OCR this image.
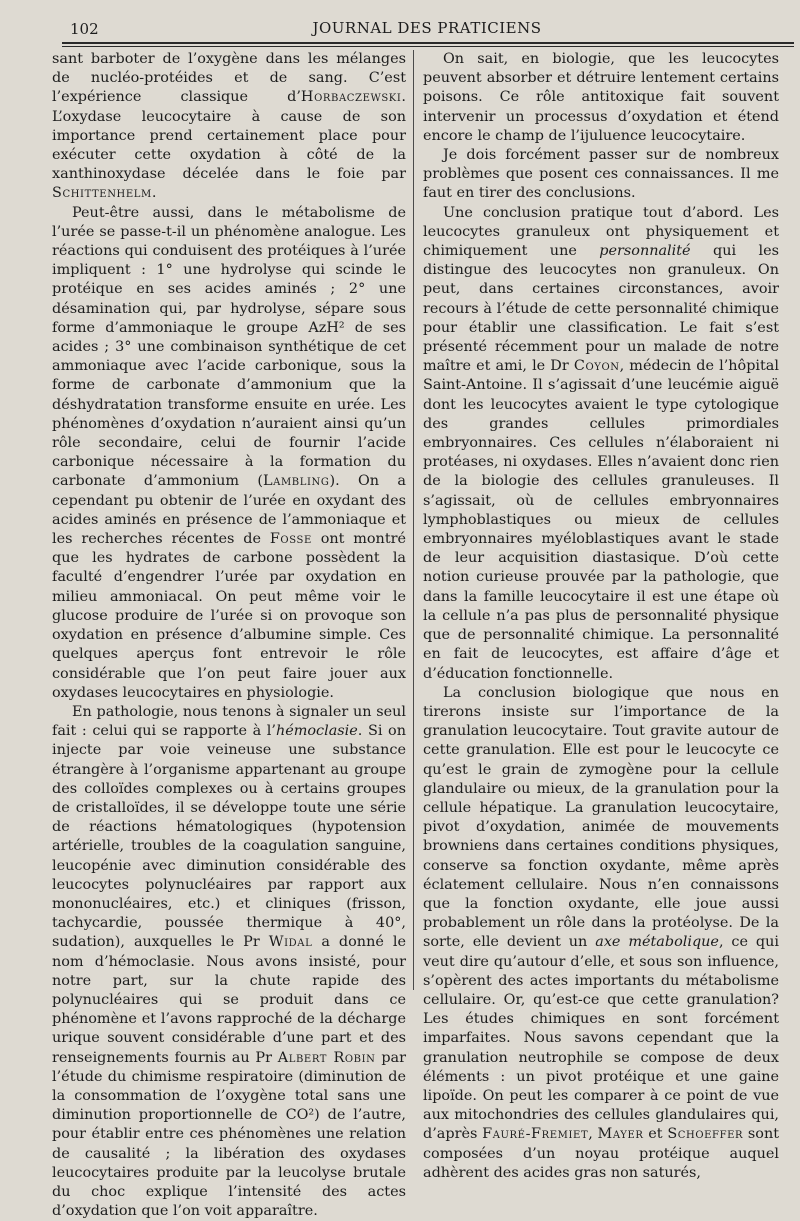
102	JOURNAL DES PRATICIENS

sant barboter de l’oxygène dans les mélanges de nucléo-protéides et de sang. C’est l’expérience classique d’Horbaczewski. L’oxydase leucocytaire à cause de son importance prend certainement place pour exécuter cette oxydation à côté de la xanthinoxydase décelée dans le foie par Schittenhelm.

Peut-être aussi, dans le métabolisme de l’urée se passe-t-il un phénomène analogue. Les réactions qui conduisent des protéiques à l’urée impliquent : 1° une hydrolyse qui scinde le protéique en ses acides aminés ; 2° une désamination qui, par hydrolyse, sépare sous forme d’ammoniaque le groupe AzH² de ses acides ; 3° une combinaison synthétique de cet ammoniaque avec l’acide carbonique, sous la forme de carbonate d’ammonium que la déshydratation transforme ensuite en urée. Les phénomènes d’oxydation n’auraient ainsi qu’un rôle secondaire, celui de fournir l’acide carbonique nécessaire à la formation du carbonate d’ammonium (Lambling). On a cependant pu obtenir de l’urée en oxydant des acides aminés en présence de l’ammoniaque et les recherches récentes de Fosse ont montré que les hydrates de carbone possèdent la faculté d’engendrer l’urée par oxydation en milieu ammoniacal. On peut même voir le glucose produire de l’urée si on provoque son oxydation en présence d’albumine simple. Ces quelques aperçus font entrevoir le rôle considérable que l’on peut faire jouer aux oxydases leucocytaires en physiologie.

En pathologie, nous tenons à signaler un seul fait : celui qui se rapporte à l’hémoclasie. Si on injecte par voie veineuse une substance étrangère à l’organisme appartenant au groupe des colloïdes complexes ou à certains groupes de cristalloïdes, il se développe toute une série de réactions hématologiques (hypotension artérielle, troubles de la coagulation sanguine, leucopénie avec diminution considérable des leucocytes polynucléaires par rapport aux mononucléaires, etc.) et cliniques (frisson, tachycardie, poussée thermique à 40°, sudation), auxquelles le Pr Widal a donné le nom d’hémoclasie. Nous avons insisté, pour notre part, sur la chute rapide des polynucléaires qui se produit dans ce phénomène et l’avons rapproché de la décharge urique souvent considérable d’une part et des renseignements fournis au Pr Albert Robin par l’étude du chimisme respiratoire (diminution de la consommation de l’oxygène total sans une diminution proportionnelle de CO²) de l’autre, pour établir entre ces phénomènes une relation de causalité ; la libération des oxydases leucocytaires produite par la leucolyse brutale du choc explique l’intensité des actes d’oxydation que l’on voit apparaître.

On sait, en biologie, que les leucocytes peuvent absorber et détruire lentement certains poisons. Ce rôle antitoxique fait souvent intervenir un processus d’oxydation et étend encore le champ de l’ijuluence leucocytaire.

Je dois forcément passer sur de nombreux problèmes que posent ces connaissances. Il me faut en tirer des conclusions.

Une conclusion pratique tout d’abord. Les leucocytes granuleux ont physiquement et chimiquement une personnalité qui les distingue des leucocytes non granuleux. On peut, dans certaines circonstances, avoir recours à l’étude de cette personnalité chimique pour établir une classification. Le fait s’est présenté récemment pour un malade de notre maître et ami, le Dr Coyon, médecin de l’hôpital Saint-Antoine. Il s’agissait d’une leucémie aiguë dont les leucocytes avaient le type cytologique des grandes cellules primordiales embryonnaires. Ces cellules n’élaboraient ni protéases, ni oxydases. Elles n’avaient donc rien de la biologie des cellules granuleuses. Il s’agissait, où de cellules embryonnaires lymphoblastiques ou mieux de cellules embryonnaires myéloblastiques avant le stade de leur acquisition diastasique. D’où cette notion curieuse prouvée par la pathologie, que dans la famille leucocytaire il est une étape où la cellule n’a pas plus de personnalité physique que de personnalité chimique. La personnalité en fait de leucocytes, est affaire d’âge et d’éducation fonctionnelle.

La conclusion biologique que nous en tirerons insiste sur l’importance de la granulation leucocytaire. Tout gravite autour de cette granulation. Elle est pour le leucocyte ce qu’est le grain de zymogène pour la cellule glandulaire ou mieux, de la granulation pour la cellule hépatique. La granulation leucocytaire, pivot d’oxydation, animée de mouvements browniens dans certaines conditions physiques, conserve sa fonction oxydante, même après éclatement cellulaire. Nous n’en connaissons que la fonction oxydante, elle joue aussi probablement un rôle dans la protéolyse. De la sorte, elle devient un axe métabolique, ce qui veut dire qu’autour d’elle, et sous son influence, s’opèrent des actes importants du métabolisme cellulaire. Or, qu’est-ce que cette granulation? Les études chimiques en sont forcément imparfaites. Nous savons cependant que la granulation neutrophile se compose de deux éléments : un pivot protéique et une gaine lipoïde. On peut les comparer à ce point de vue aux mitochondries des cellules glandulaires qui, d’après Fauré-Fremiet, Mayer et Schoeffer sont composées d’un noyau protéique auquel adhèrent des acides gras non saturés,
